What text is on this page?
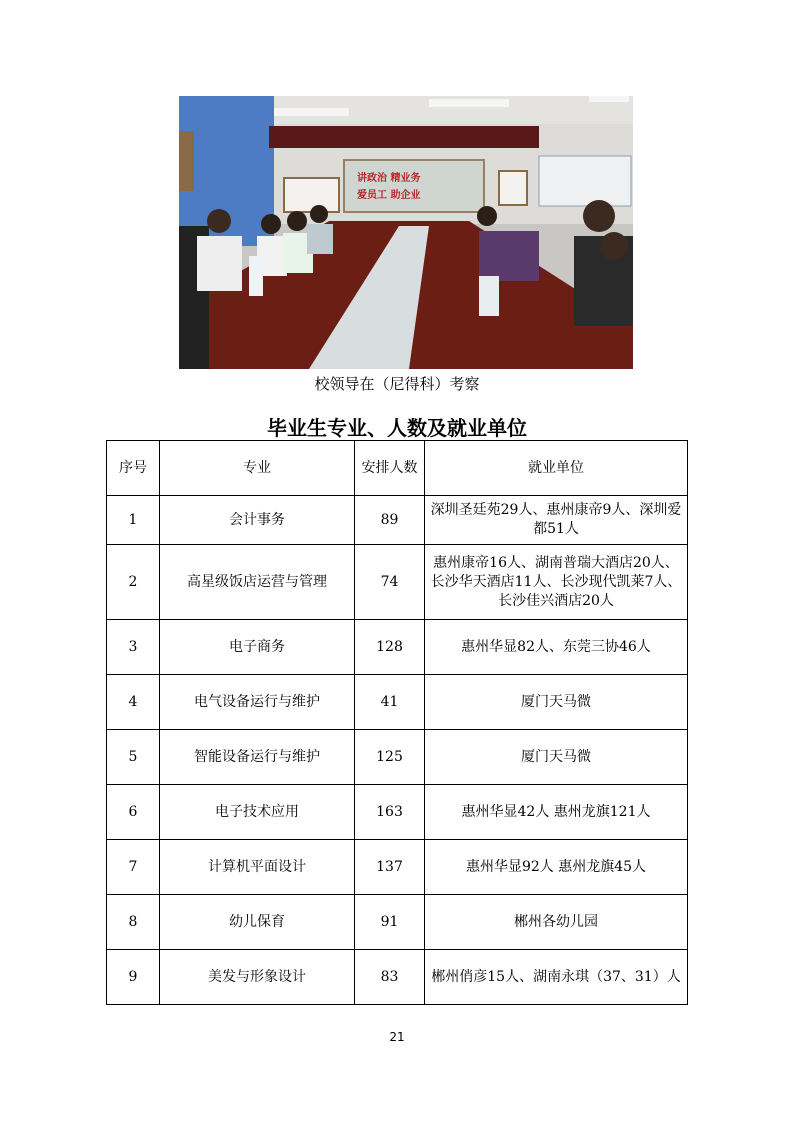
讲政治 精业务
爱员工 助企业
校领导在（尼得科）考察
毕业生专业、人数及就业单位
序号	专业	安排人数	就业单位
1	会计事务	89	深圳圣廷苑29人、惠州康帝9人、深圳爱都51人
2	高星级饭店运营与管理	74	惠州康帝16人、湖南普瑞大酒店20人、长沙华天酒店11人、长沙现代凯莱7人、长沙佳兴酒店20人
3	电子商务	128	惠州华显82人、东莞三协46人
4	电气设备运行与维护	41	厦门天马微
5	智能设备运行与维护	125	厦门天马微
6	电子技术应用	163	惠州华显42人 惠州龙旗121人
7	计算机平面设计	137	惠州华显92人 惠州龙旗45人
8	幼儿保育	91	郴州各幼儿园
9	美发与形象设计	83	郴州俏彦15人、湖南永琪（37、31）人
21
